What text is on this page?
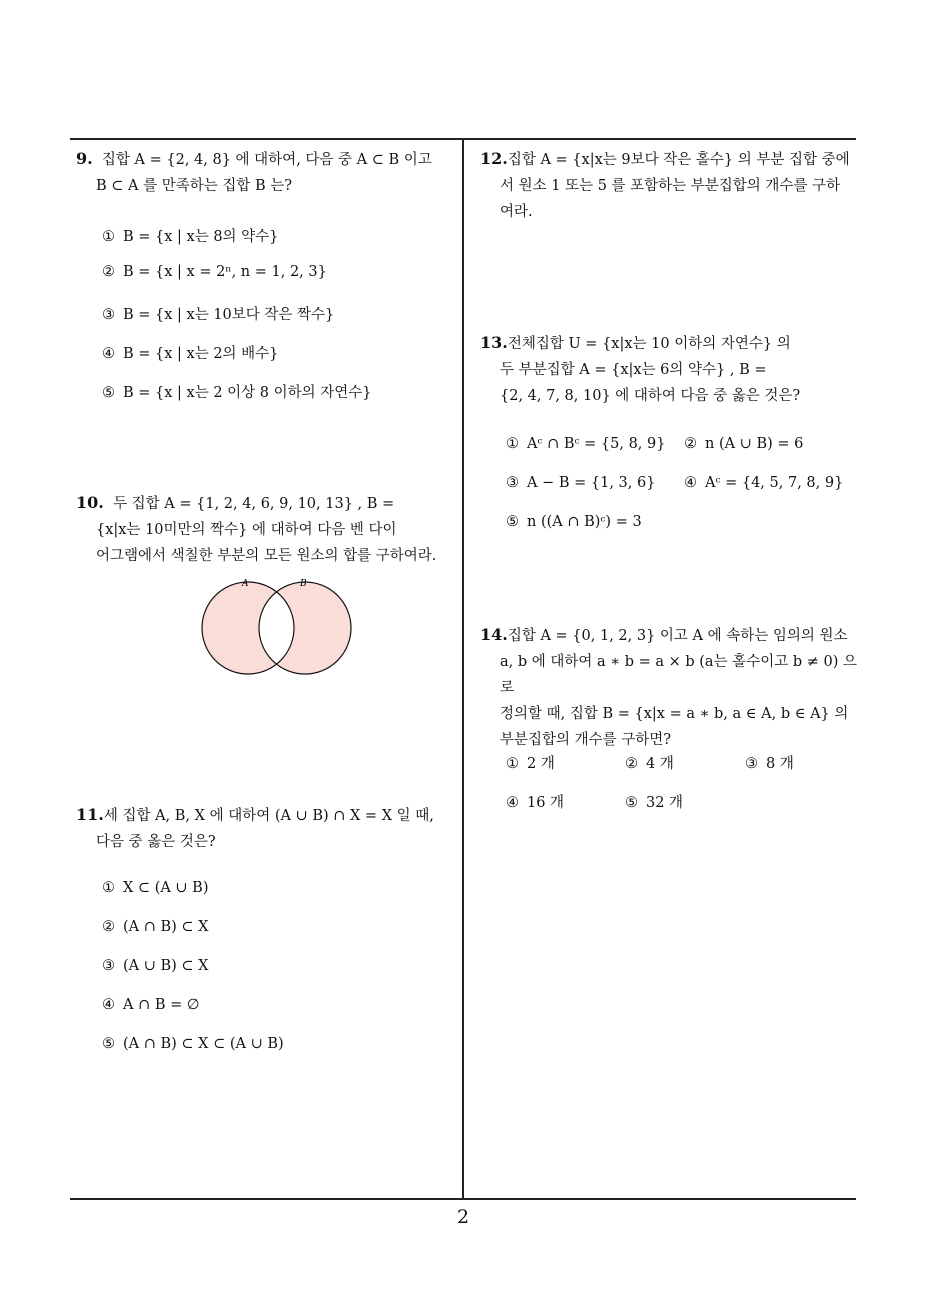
9. 집합 A = {2, 4, 8} 에 대하여, 다음 중 A ⊂ B 이고
B ⊂ A 를 만족하는 집합 B 는?
① B = {x | x는 8의 약수}
② B = {x | x = 2ⁿ, n = 1, 2, 3}
③ B = {x | x는 10보다 작은 짝수}
④ B = {x | x는 2의 배수}
⑤ B = {x | x는 2 이상 8 이하의 자연수}
10. 두 집합 A = {1, 2, 4, 6, 9, 10, 13} , B =
{x|x는 10미만의 짝수} 에 대하여 다음 벤 다이
어그램에서 색칠한 부분의 모든 원소의 합를 구하여라.
A	B
11.세 집합 A, B, X 에 대하여 (A ∪ B) ∩ X = X 일 때,
다음 중 옳은 것은?
① X ⊂ (A ∪ B)
② (A ∩ B) ⊂ X
③ (A ∪ B) ⊂ X
④ A ∩ B = ∅
⑤ (A ∩ B) ⊂ X ⊂ (A ∪ B)
12.집합 A = {x|x는 9보다 작은 홀수} 의 부분 집합 중에
서 원소 1 또는 5 를 포함하는 부분집합의 개수를 구하
여라.
13.전체집합 U = {x|x는 10 이하의 자연수} 의
두 부분집합 A = {x|x는 6의 약수} , B =
{2, 4, 7, 8, 10} 에 대하여 다음 중 옳은 것은?
① Aᶜ ∩ Bᶜ = {5, 8, 9} ② n (A ∪ B) = 6
③ A − B = {1, 3, 6} ④ Aᶜ = {4, 5, 7, 8, 9}
⑤ n ((A ∩ B)ᶜ) = 3
14.집합 A = {0, 1, 2, 3} 이고 A 에 속하는 임의의 원소
a, b 에 대하여 a ∗ b = a × b (a는 홀수이고 b ≠ 0) 으로
정의할 때, 집합 B = {x|x = a ∗ b, a ∈ A, b ∈ A} 의
부분집합의 개수를 구하면?
① 2 개	② 4 개	③ 8 개
④ 16 개	⑤ 32 개
2
